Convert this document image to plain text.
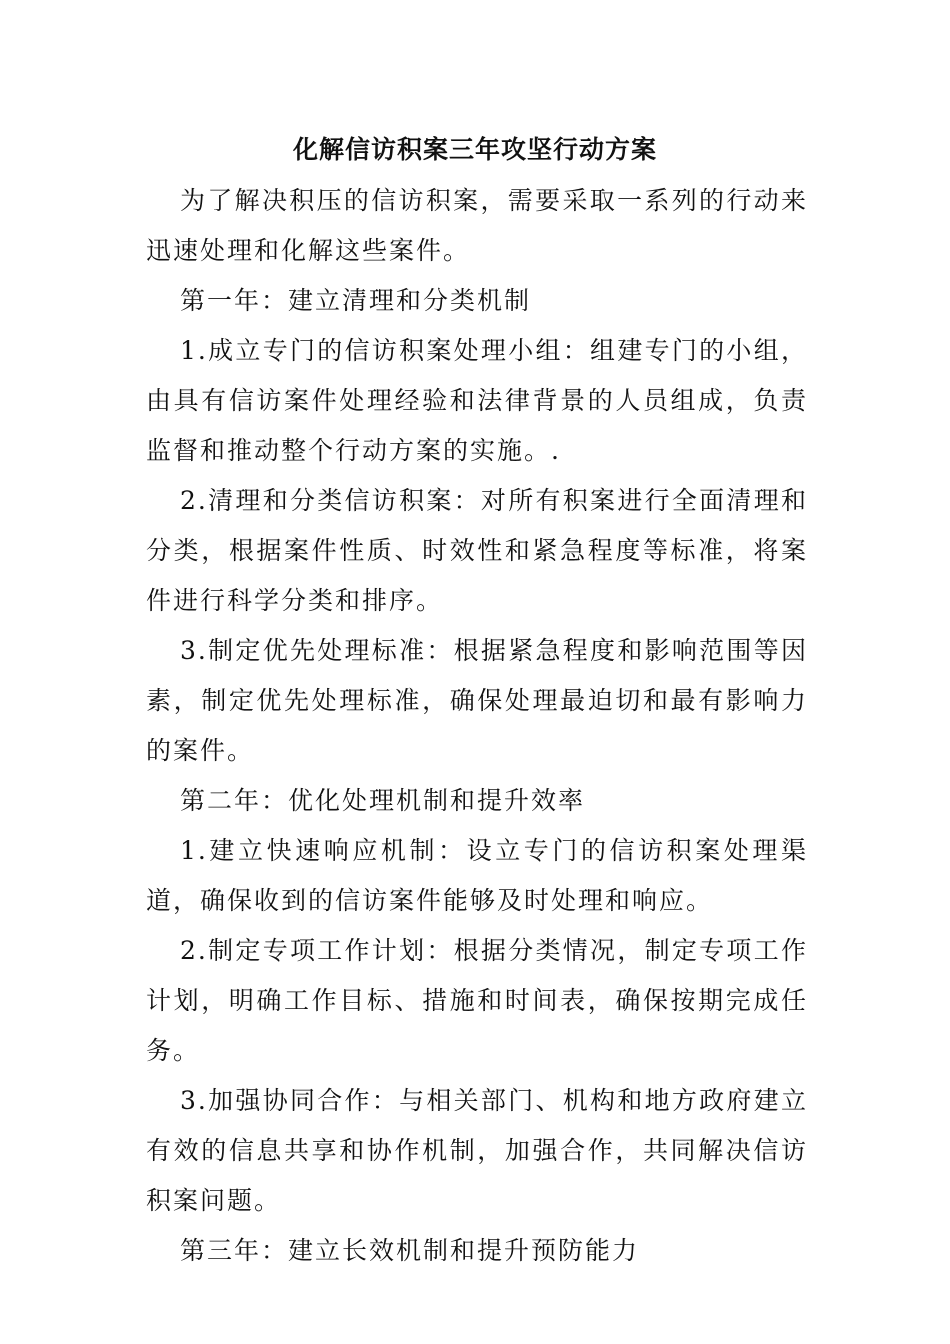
化解信访积案三年攻坚行动方案

为了解决积压的信访积案，需要采取一系列的行动来迅速处理和化解这些案件。

第一年：建立清理和分类机制

1.成立专门的信访积案处理小组：组建专门的小组，由具有信访案件处理经验和法律背景的人员组成，负责监督和推动整个行动方案的实施。.

2.清理和分类信访积案：对所有积案进行全面清理和分类，根据案件性质、时效性和紧急程度等标准，将案件进行科学分类和排序。

3.制定优先处理标准：根据紧急程度和影响范围等因素，制定优先处理标准，确保处理最迫切和最有影响力的案件。

第二年：优化处理机制和提升效率

1.建立快速响应机制：设立专门的信访积案处理渠道，确保收到的信访案件能够及时处理和响应。

2.制定专项工作计划：根据分类情况，制定专项工作计划，明确工作目标、措施和时间表，确保按期完成任务。

3.加强协同合作：与相关部门、机构和地方政府建立有效的信息共享和协作机制，加强合作，共同解决信访积案问题。

第三年：建立长效机制和提升预防能力
